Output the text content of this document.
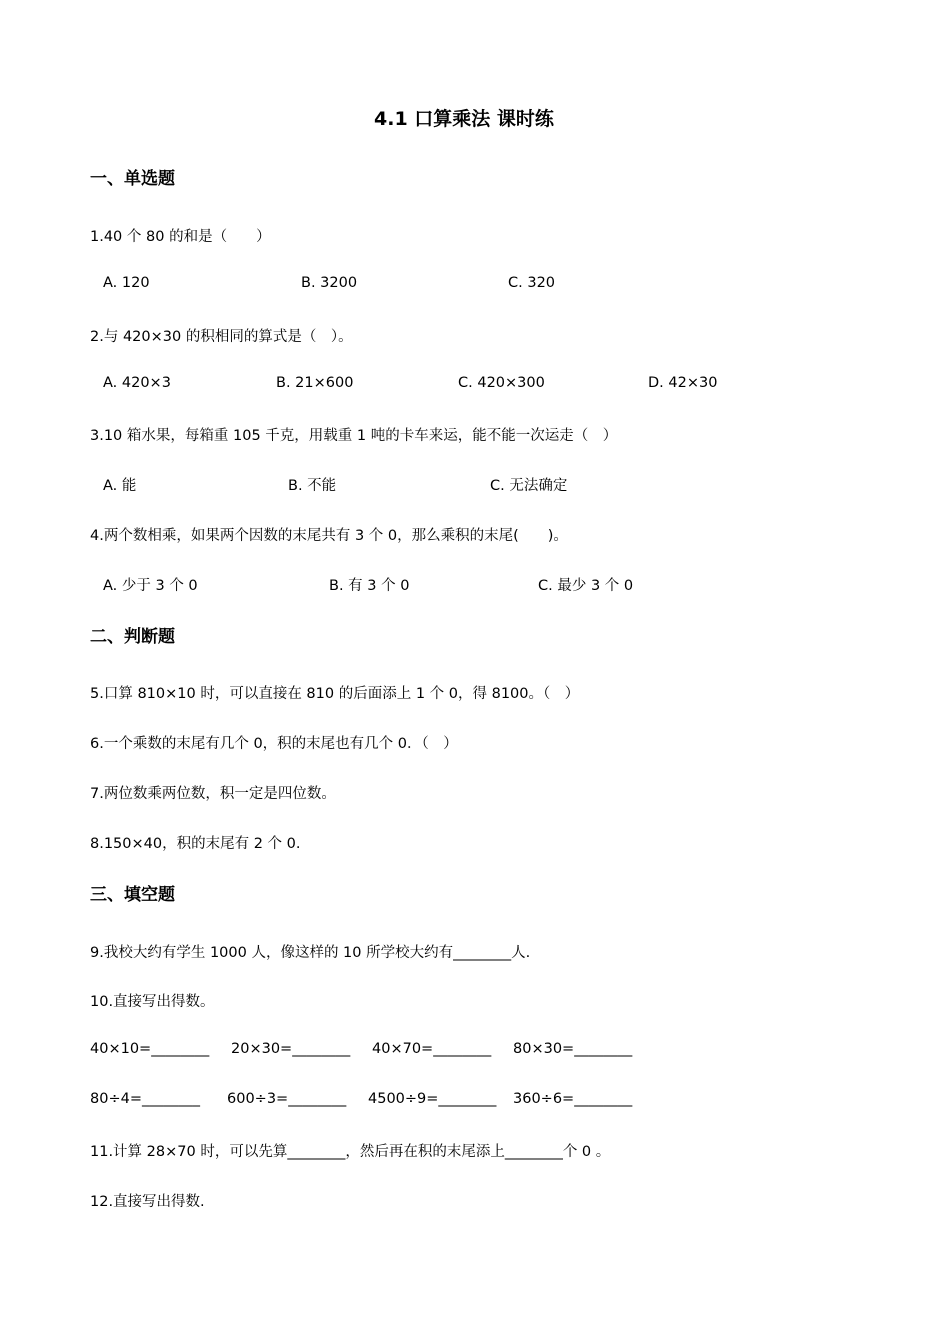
4.1 口算乘法 课时练
一、单选题
1.40 个 80 的和是（　　）
A. 120	B. 3200	C. 320
2.与 420×30 的积相同的算式是（　）。
A. 420×3	B. 21×600	C. 420×300	D. 42×30
3.10 箱水果，每箱重 105 千克，用载重 1 吨的卡车来运，能不能一次运走（　）
A. 能	B. 不能	C. 无法确定
4.两个数相乘，如果两个因数的末尾共有 3 个 0，那么乘积的末尾(　　)。
A. 少于 3 个 0	B. 有 3 个 0	C. 最少 3 个 0
二、判断题
5.口算 810×10 时，可以直接在 810 的后面添上 1 个 0，得 8100。（　）
6.一个乘数的末尾有几个 0，积的末尾也有几个 0．（　）
7.两位数乘两位数，积一定是四位数。
8.150×40，积的末尾有 2 个 0.
三、填空题
9.我校大约有学生 1000 人，像这样的 10 所学校大约有________人.
10.直接写出得数。
40×10=________ 20×30=________ 40×70=________ 80×30=________
80÷4=________ 600÷3=________ 4500÷9=________ 360÷6=________
11.计算 28×70 时，可以先算________，然后再在积的末尾添上________个 0 。
12.直接写出得数.
